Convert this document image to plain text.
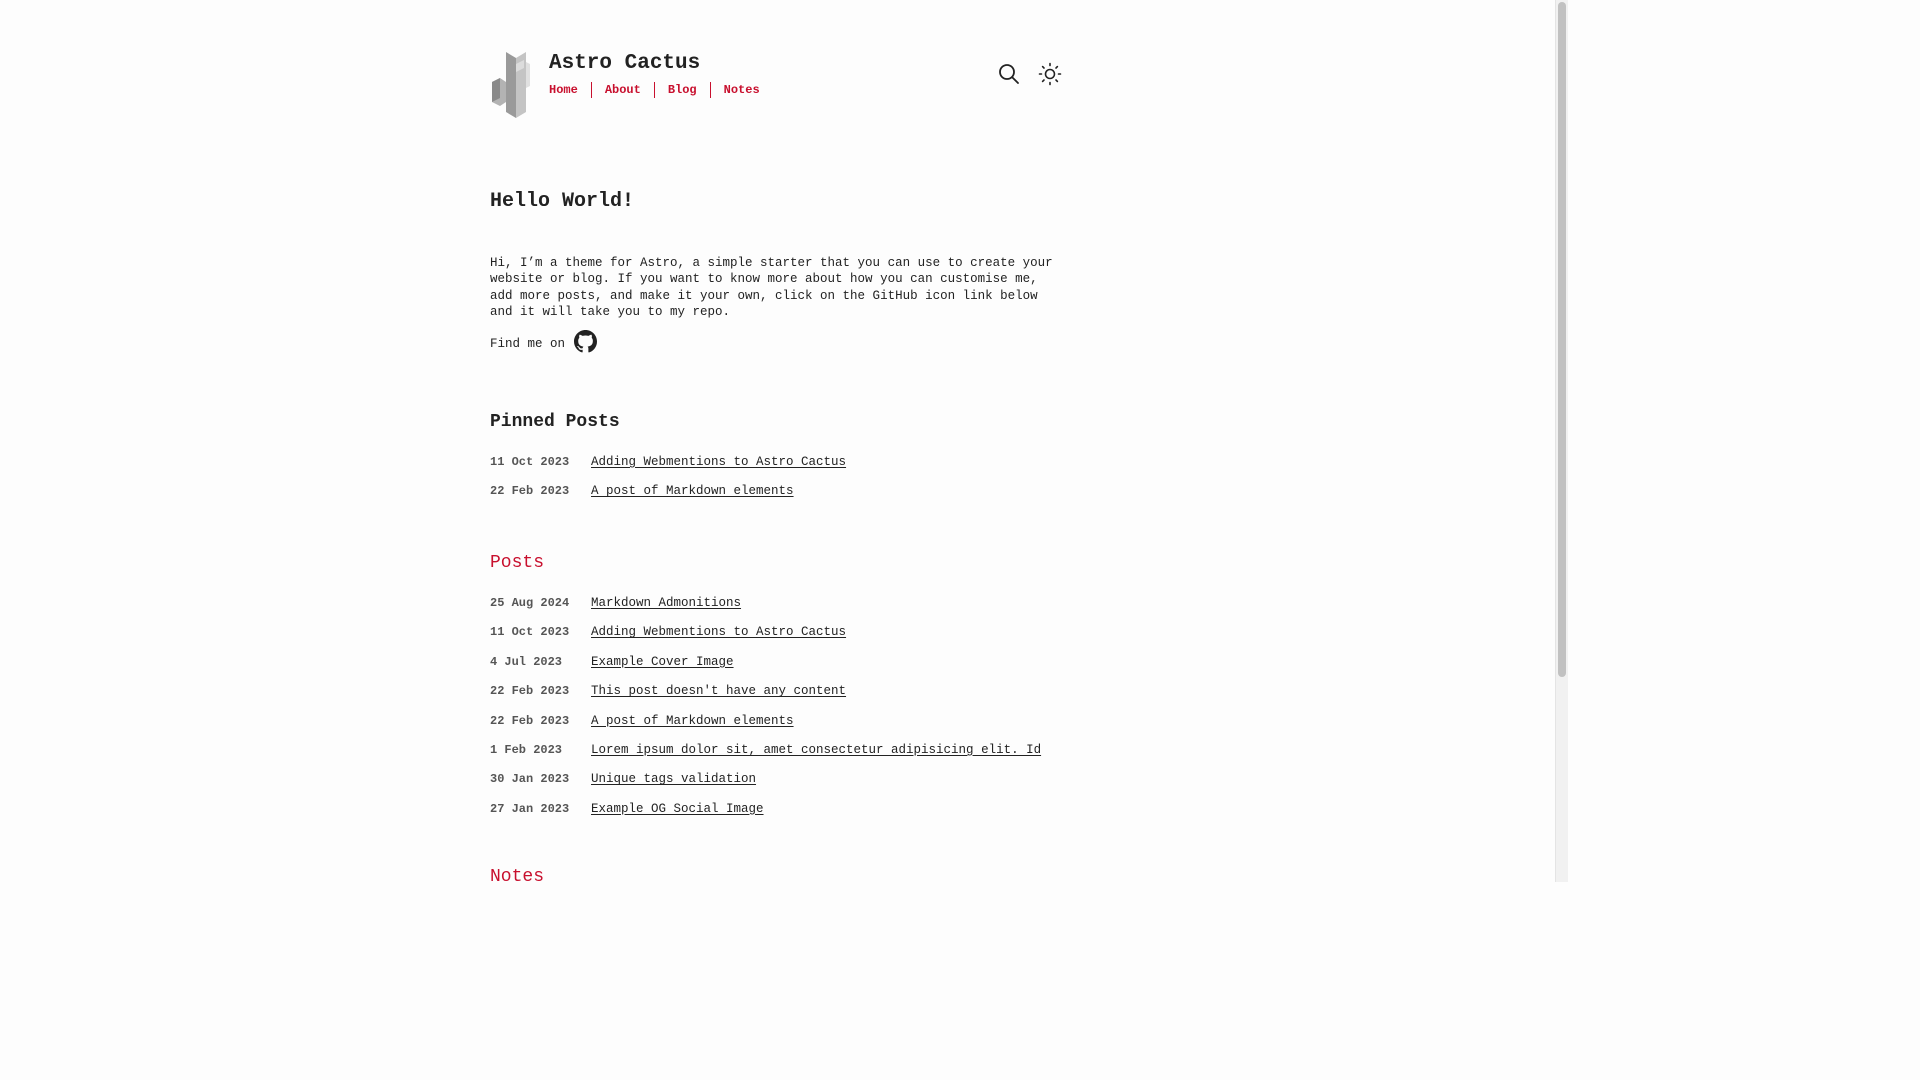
Astro Cactus
Home	About	Blog	Notes
Hello World!

Hi, I’m a theme for Astro, a simple starter that you can use to create your website or blog. If you want to know more about how you can customise me, add more posts, and make it your own, click on the GitHub icon link below and it will take you to my repo.

Find me on
Pinned Posts
11 Oct 2023	Adding Webmentions to Astro Cactus
22 Feb 2023	A post of Markdown elements
Posts
25 Aug 2024	Markdown Admonitions
11 Oct 2023	Adding Webmentions to Astro Cactus
4 Jul 2023	Example Cover Image
22 Feb 2023	This post doesn't have any content
22 Feb 2023	A post of Markdown elements
1 Feb 2023	Lorem ipsum dolor sit, amet consectetur adipisicing elit. Id
30 Jan 2023	Unique tags validation
27 Jan 2023	Example OG Social Image
Notes
